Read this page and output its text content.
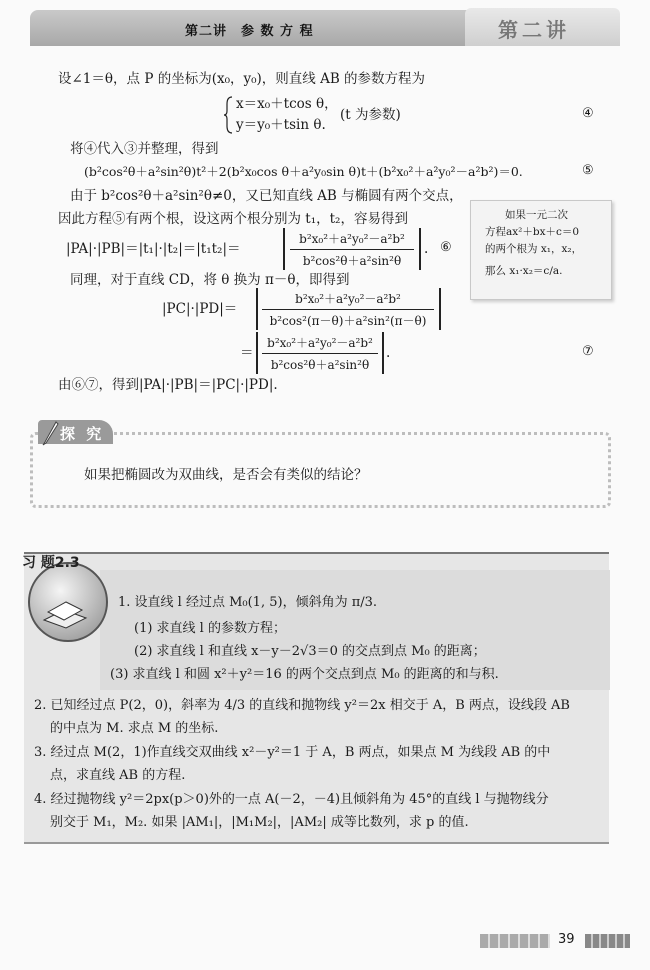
第二讲　参 数 方 程	第二讲
设∠1＝θ，点 P 的坐标为(x₀，y₀)，则直线 AB 的参数方程为
x＝x₀＋tcos θ，
y＝y₀＋tsin θ.
(t 为参数)	④
将④代入③并整理，得到
(b²cos²θ＋a²sin²θ)t²＋2(b²x₀cos θ＋a²y₀sin θ)t＋(b²x₀²＋a²y₀²－a²b²)＝0.	⑤
由于 b²cos²θ＋a²sin²θ≠0，又已知直线 AB 与椭圆有两个交点，
因此方程⑤有两个根，设这两个根分别为 t₁，t₂，容易得到
|PA|·|PB|＝|t₁|·|t₂|＝|t₁t₂|＝
b²x₀²＋a²y₀²－a²b²
b²cos²θ＋a²sin²θ
. ⑥
如果一元二次
方程ax²＋bx＋c＝0
的两个根为 x₁，x₂，
那么 x₁·x₂＝c/a.
同理，对于直线 CD，将 θ 换为 π－θ，即得到
|PC|·|PD|＝
b²x₀²＋a²y₀²－a²b²
b²cos²(π－θ)＋a²sin²(π－θ)
＝
b²x₀²＋a²y₀²－a²b²
b²cos²θ＋a²sin²θ
.	⑦
由⑥⑦，得到|PA|·|PB|＝|PC|·|PD|.
探 究
如果把椭圆改为双曲线，是否会有类似的结论？
习 题2.3
1. 设直线 l 经过点 M₀(1, 5)，倾斜角为 π/3.
(1) 求直线 l 的参数方程；
(2) 求直线 l 和直线 x－y－2√3＝0 的交点到点 M₀ 的距离；
(3) 求直线 l 和圆 x²＋y²＝16 的两个交点到点 M₀ 的距离的和与积.
2. 已知经过点 P(2，0)，斜率为 4/3 的直线和抛物线 y²＝2x 相交于 A，B 两点，设线段 AB
的中点为 M. 求点 M 的坐标.
3. 经过点 M(2，1)作直线交双曲线 x²－y²＝1 于 A，B 两点，如果点 M 为线段 AB 的中
点，求直线 AB 的方程.
4. 经过抛物线 y²＝2px(p＞0)外的一点 A(－2，－4)且倾斜角为 45°的直线 l 与抛物线分
别交于 M₁，M₂. 如果 |AM₁|，|M₁M₂|，|AM₂| 成等比数列，求 p 的值.
39
